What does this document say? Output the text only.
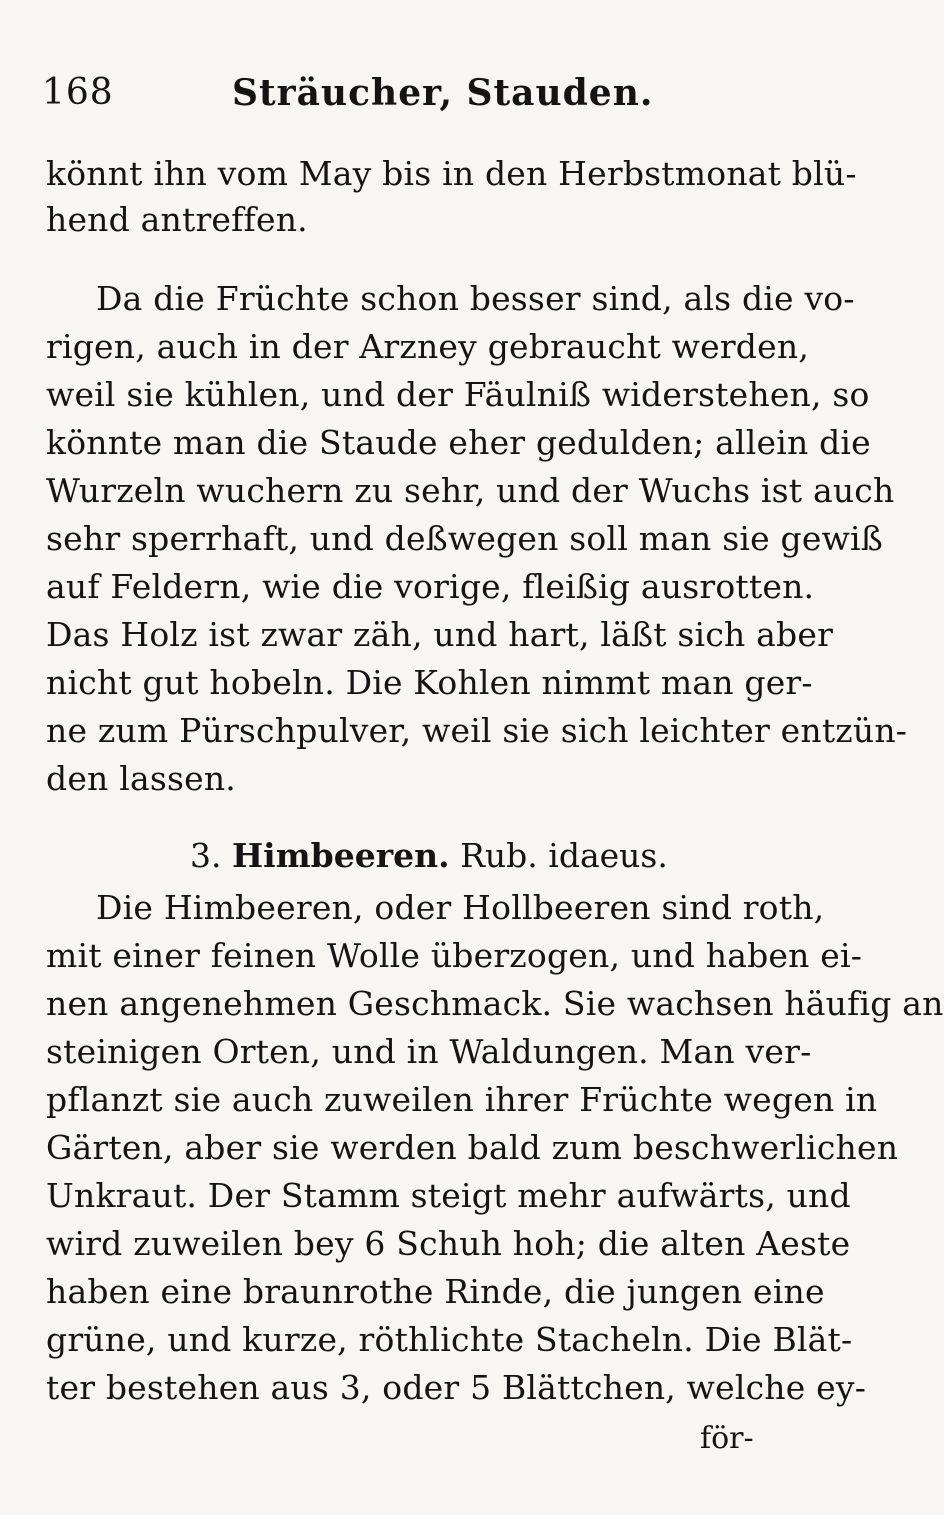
168	Sträucher, Stauden.
könnt ihn vom May bis in den Herbstmonat blü-
hend antreffen.
Da die Früchte schon besser sind, als die vo-
rigen, auch in der Arzney gebraucht werden,
weil sie kühlen, und der Fäulniß widerstehen, so
könnte man die Staude eher gedulden; allein die
Wurzeln wuchern zu sehr, und der Wuchs ist auch
sehr sperrhaft, und deßwegen soll man sie gewiß
auf Feldern, wie die vorige, fleißig ausrotten.
Das Holz ist zwar zäh, und hart, läßt sich aber
nicht gut hobeln. Die Kohlen nimmt man ger-
ne zum Pürschpulver, weil sie sich leichter entzün-
den lassen.
3. Himbeeren. Rub. idaeus.
Die Himbeeren, oder Hollbeeren sind roth,
mit einer feinen Wolle überzogen, und haben ei-
nen angenehmen Geschmack. Sie wachsen häufig an
steinigen Orten, und in Waldungen. Man ver-
pflanzt sie auch zuweilen ihrer Früchte wegen in
Gärten, aber sie werden bald zum beschwerlichen
Unkraut. Der Stamm steigt mehr aufwärts, und
wird zuweilen bey 6 Schuh hoh; die alten Aeste
haben eine braunrothe Rinde, die jungen eine
grüne, und kurze, röthlichte Stacheln. Die Blät-
ter bestehen aus 3, oder 5 Blättchen, welche ey-
för-
